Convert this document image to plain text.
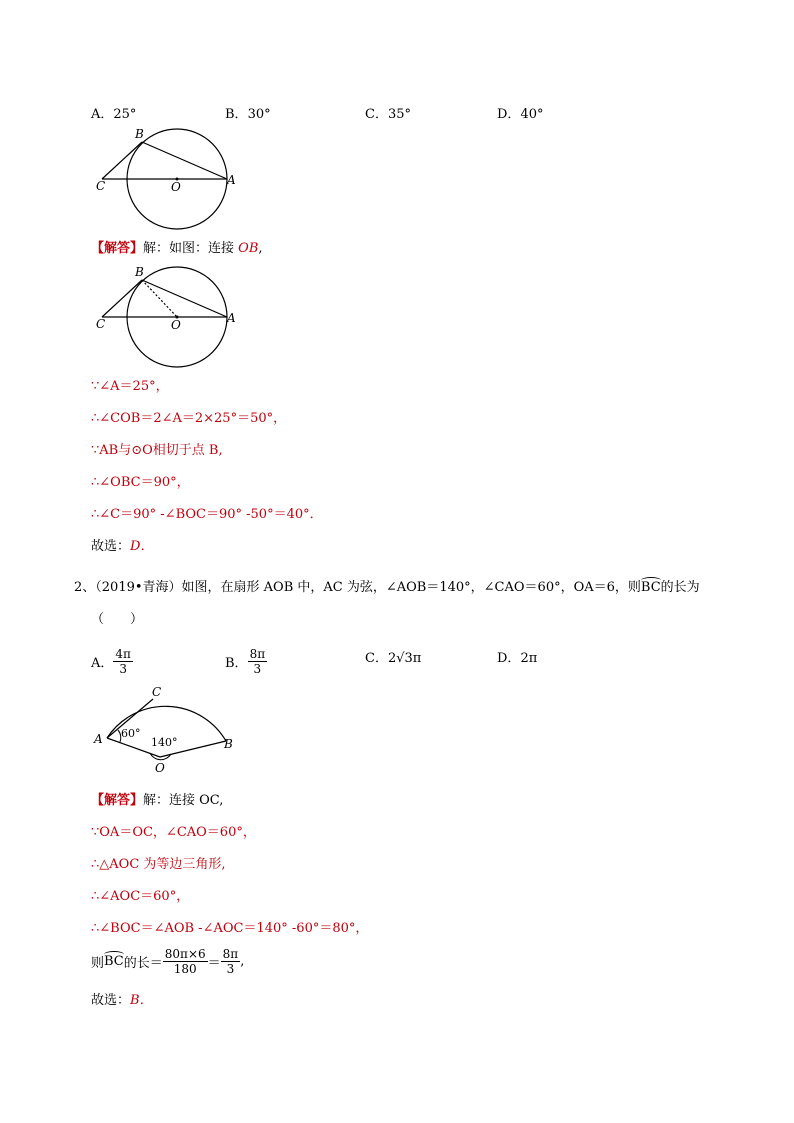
A．25°	B．30°	C．35°	D．40°
B
C	O	A
【解答】解：如图：连接 OB,
B
C	O	A
∵∠A＝25°，
∴∠COB＝2∠A＝2×25°＝50°，
∵AB与⊙O相切于点 B,
∴∠OBC＝90°，
∴∠C＝90° -∠BOC＝90° -50°＝40°．
故选：D．
2、（2019•青海）如图，在扇形 AOB 中，AC 为弦，∠AOB＝140°，∠CAO＝60°，OA＝6，则BC的长为
（　　）
A． $\frac{4\pi}{3}$	B． $\frac{8\pi}{3}$	C．2√3π	D．2π
C
A	B
O
60°
140°
【解答】解：连接 OC,
∵OA＝OC，∠CAO＝60°，
∴△AOC 为等边三角形,
∴∠AOC＝60°，
∴∠BOC＝∠AOB -∠AOC＝140° -60°＝80°，
则BC的长＝ $\frac{80\pi\times 6}{180} = \frac{8\pi}{3}$ ,
故选：B．
